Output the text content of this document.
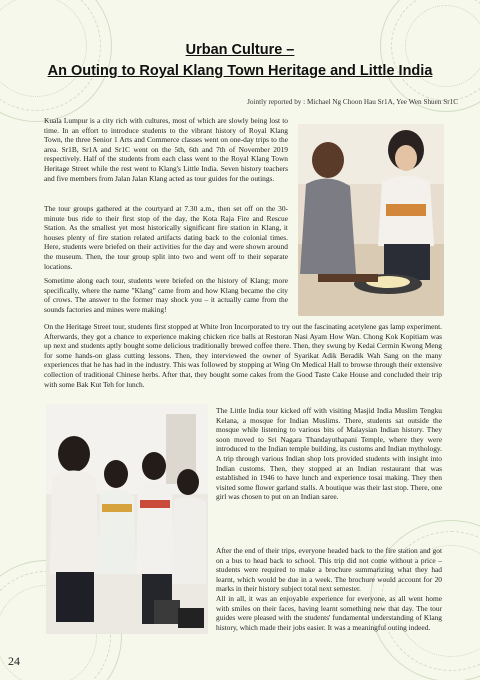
Urban Culture –
An Outing to Royal Klang Town Heritage and Little India

Jointly reported by : Michael Ng Choon Hau Sr1A, Yee Wen Shuen Sr1C

Kuala Lumpur is a city rich with cultures, most of which are slowly being lost to time. In an effort to introduce students to the vibrant history of Royal Klang Town, the three Senior 1 Arts and Commerce classes went on one-day trips to the area. Sr1B, Sr1A and Sr1C went on the 5th, 6th and 7th of November 2019 respectively. Half of the students from each class went to the Royal Klang Town Heritage Street while the rest went to Klang's Little India. Seven history teachers and five members from Jalan Jalan Klang acted as tour guides for the outings.

The tour groups gathered at the courtyard at 7.30 a.m., then set off on the 30-minute bus ride to their first stop of the day, the Kota Raja Fire and Rescue Station. As the smallest yet most historically significant fire station in Klang, it houses plenty of fire station related artifacts dating back to the colonial times. Here, students were briefed on their activities for the day and were shown around the museum. Then, the tour group split into two and went off to their separate locations.

Sometime along each tour, students were briefed on the history of Klang; more specifically, where the name "Klang" came from and how Klang became the city of crows. The answer to the former may shock you – it actually came from the sounds factories and mines were making!

On the Heritage Street tour, students first stopped at White Iron Incorporated to try out the fascinating acetylene gas lamp experiment. Afterwards, they got a chance to experience making chicken rice balls at Restoran Nasi Ayam How Wan. Chong Kok Kopitiam was up next and students aptly bought some delicious traditionally brewed coffee there. Then, they swung by Kedai Cermin Kwong Meng for some hands-on glass cutting lessons. Then, they interviewed the owner of Syarikat Adik Beradik Wah Sang on the many experiences that he has had in the industry. This was followed by stopping at Wing On Medical Hall to browse through their extensive collection of traditional Chinese herbs. After that, they bought some cakes from the Good Taste Cake House and concluded their trip with some Bak Kut Teh for lunch.

The Little India tour kicked off with visiting Masjid India Muslim Tengku Kelana, a mosque for Indian Muslims. There, students sat outside the mosque while listening to various bits of Malaysian Indian history. They soon moved to Sri Nagara Thandayuthapani Temple, where they were introduced to the Indian temple building, its customs and Indian mythology. A trip through various Indian shop lots provided students with insight into Indian customs. Then, they stopped at an Indian restaurant that was established in 1946 to have lunch and experience tosai making. They then visited some flower garland stalls. A boutique was their last stop. There, one girl was chosen to put on an Indian saree.

After the end of their trips, everyone headed back to the fire station and got on a bus to head back to school. This trip did not come without a price – students were required to make a brochure summarizing what they had learnt, which would be due in a week. The brochure would account for 20 marks in their history subject total next semester.

All in all, it was an enjoyable experience for everyone, as all went home with smiles on their faces, having learnt something new that day. The tour guides were pleased with the students' fundamental understanding of Klang history, which made their jobs easier. It was a meaningful outing indeed.

24
